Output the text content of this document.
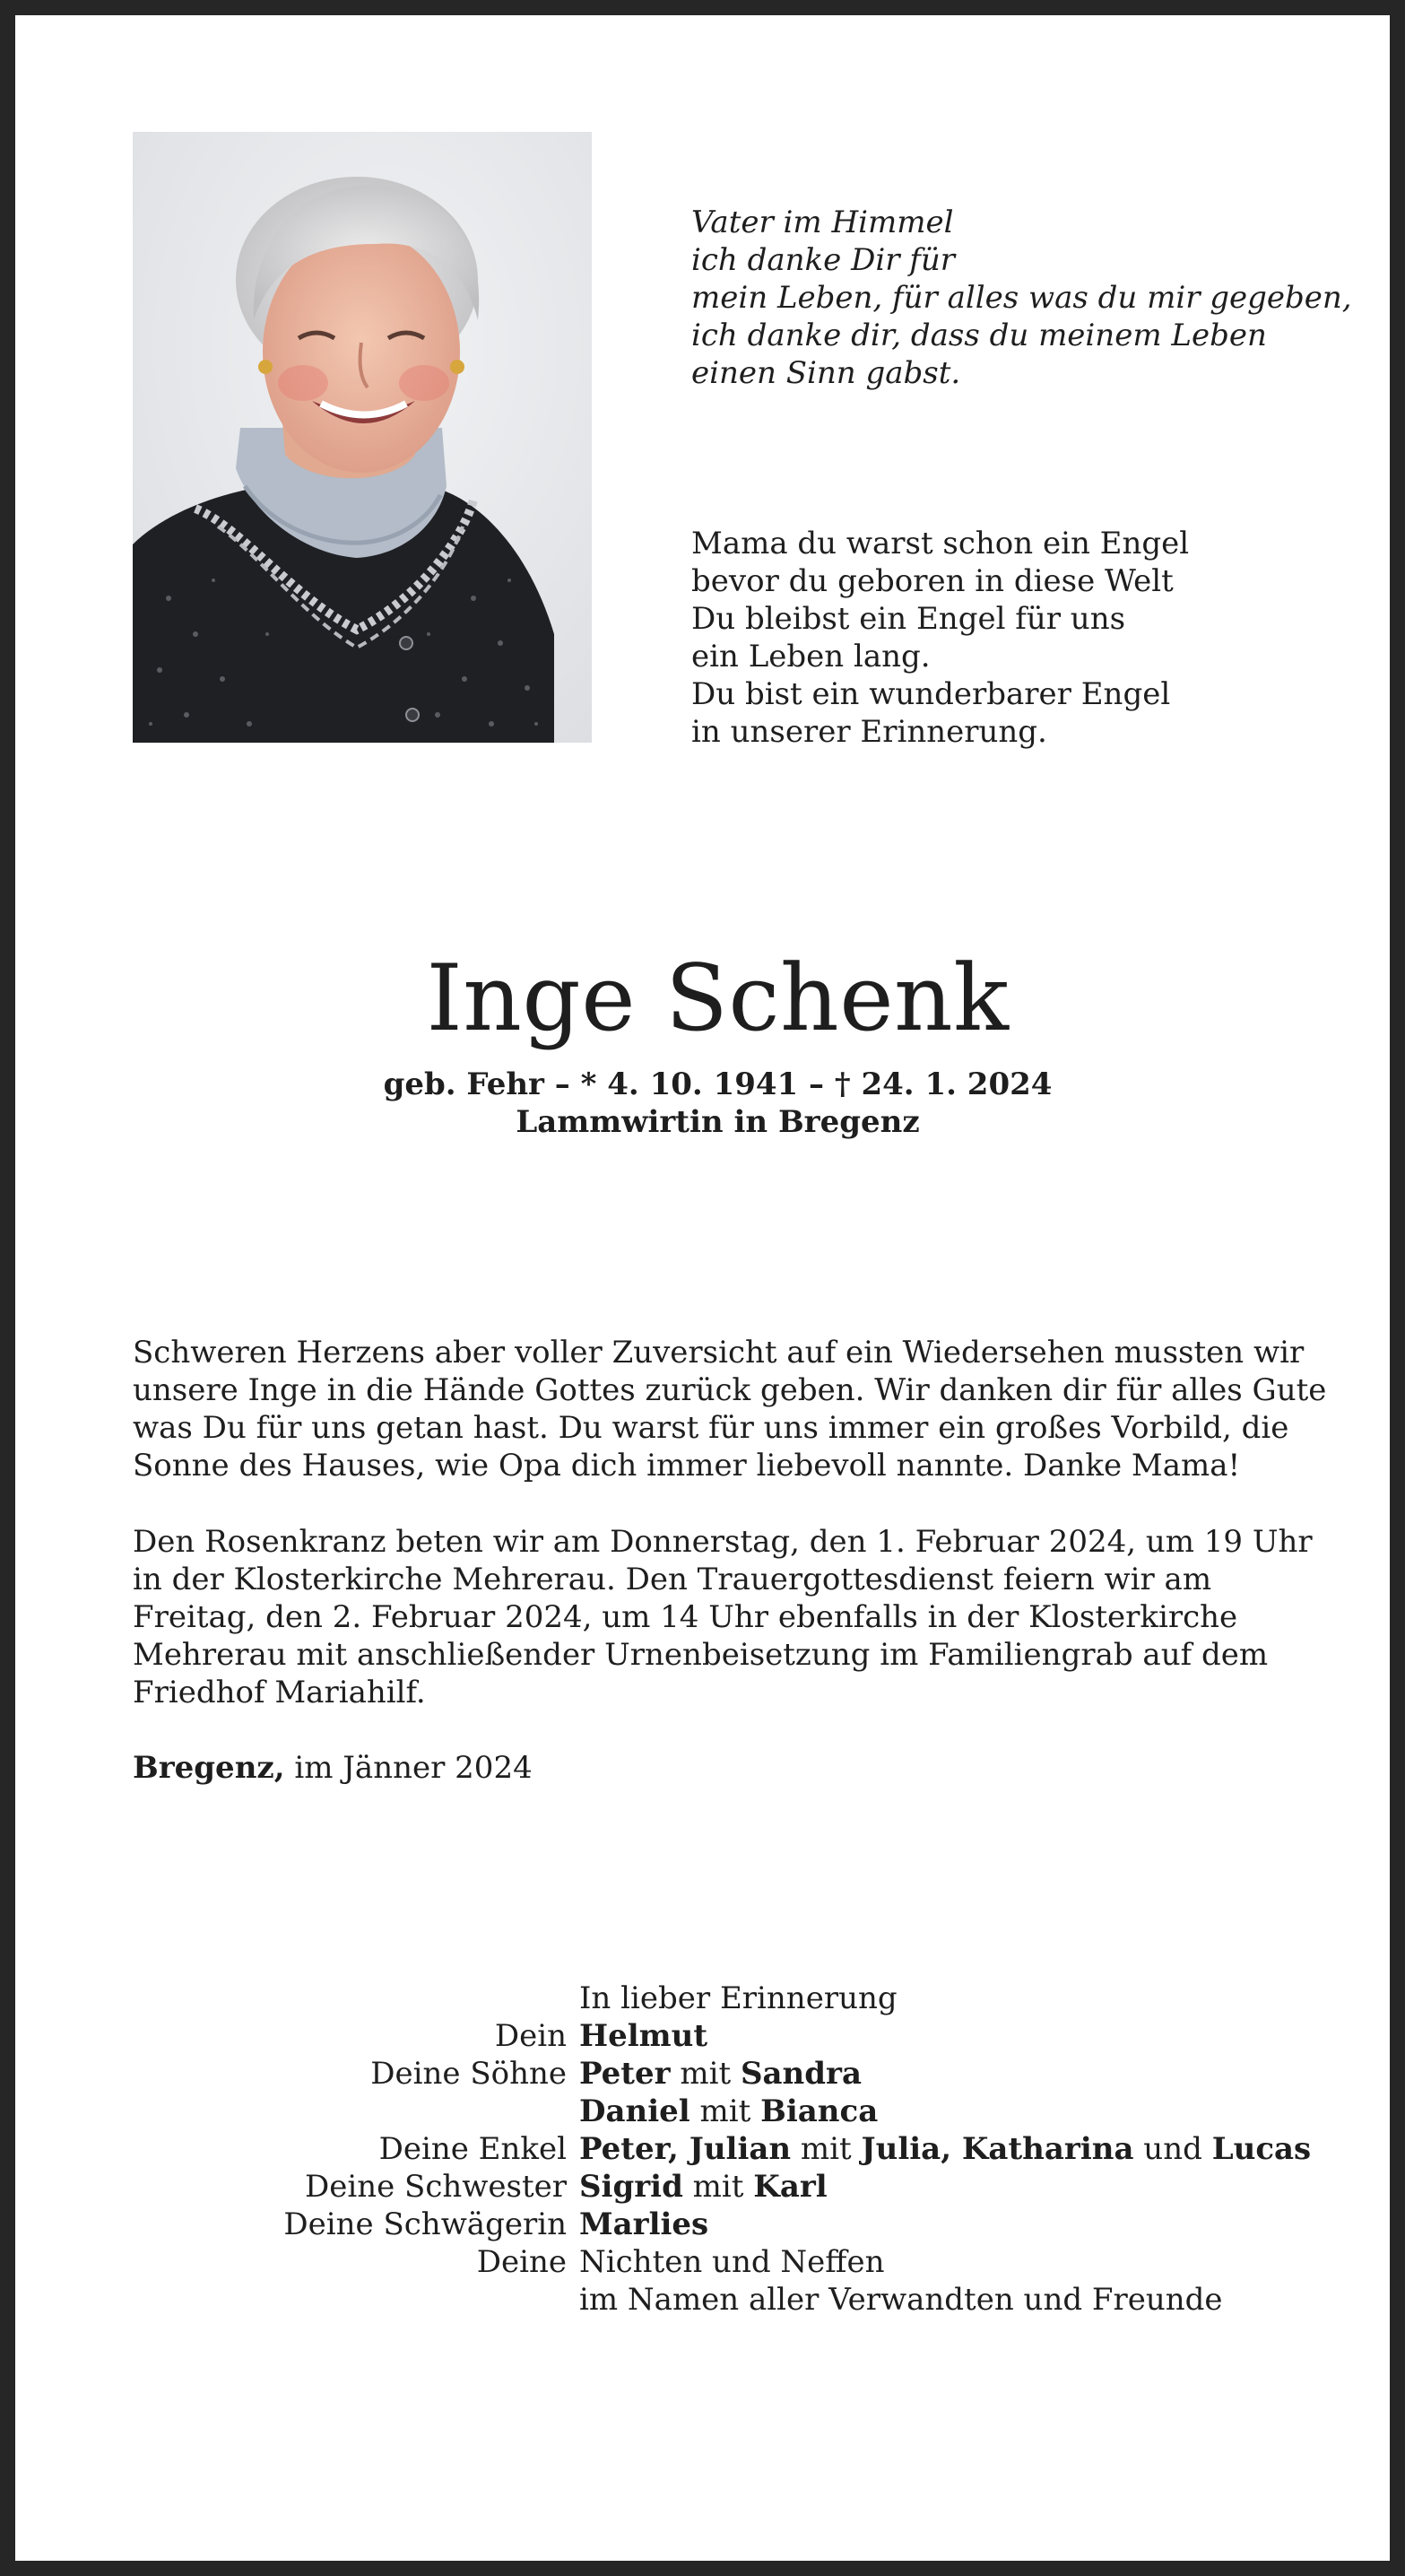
Vater im Himmel
ich danke Dir für
mein Leben, für alles was du mir gegeben,
ich danke dir, dass du meinem Leben
einen Sinn gabst.
Mama du warst schon ein Engel
bevor du geboren in diese Welt
Du bleibst ein Engel für uns
ein Leben lang.
Du bist ein wunderbarer Engel
in unserer Erinnerung.
Inge Schenk
geb. Fehr – * 4. 10. 1941 – † 24. 1. 2024
Lammwirtin in Bregenz
Schweren Herzens aber voller Zuversicht auf ein Wiedersehen mussten wir
unsere Inge in die Hände Gottes zurück geben. Wir danken dir für alles Gute
was Du für uns getan hast. Du warst für uns immer ein großes Vorbild, die
Sonne des Hauses, wie Opa dich immer liebevoll nannte. Danke Mama!
Den Rosenkranz beten wir am Donnerstag, den 1. Februar 2024, um 19 Uhr
in der Klosterkirche Mehrerau. Den Trauergottesdienst feiern wir am
Freitag, den 2. Februar 2024, um 14 Uhr ebenfalls in der Klosterkirche
Mehrerau mit anschließender Urnenbeisetzung im Familiengrab auf dem
Friedhof Mariahilf.
Bregenz, im Jänner 2024
In lieber Erinnerung
Dein Helmut
Deine Söhne Peter mit Sandra
Daniel mit Bianca
Deine Enkel Peter, Julian mit Julia, Katharina und Lucas
Deine Schwester Sigrid mit Karl
Deine Schwägerin Marlies
Deine Nichten und Neffen
im Namen aller Verwandten und Freunde
